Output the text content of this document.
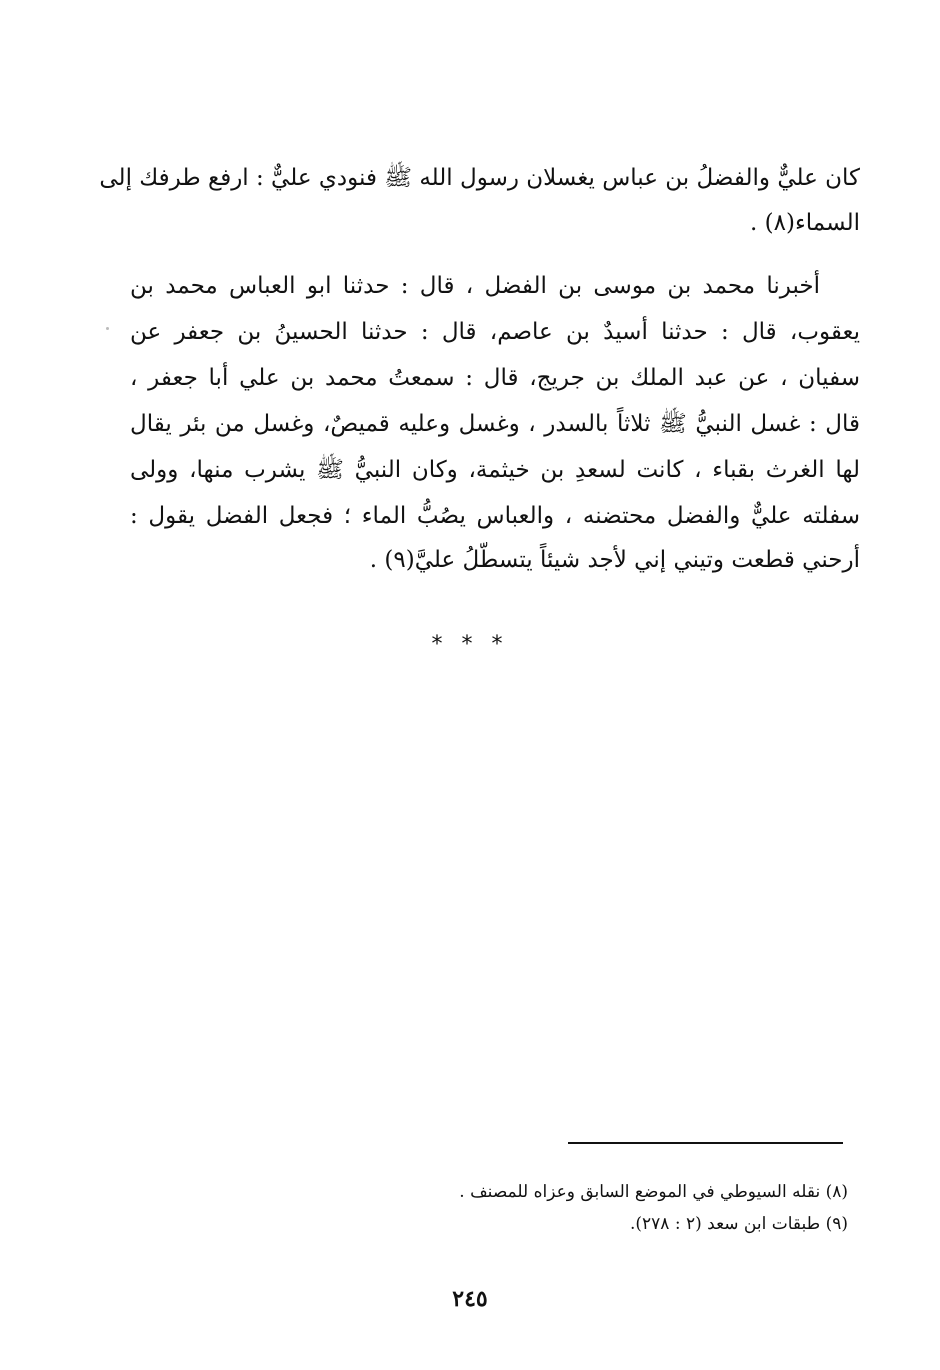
كان عليٌّ والفضلُ بن عباس يغسلان رسول الله ﷺ فنودي عليٌّ : ارفع طرفك إلى
السماء(٨) .
أخبرنا محمد بن موسى بن الفضل ، قال : حدثنا ابو العباس محمد بن
يعقوب، قال : حدثنا أسيدٌ بن عاصم، قال : حدثنا الحسينُ بن جعفر عن
سفيان ، عن عبد الملك بن جريج، قال : سمعتُ محمد بن علي أبا جعفر ،
قال : غسل النبيُّ ﷺ ثلاثاً بالسدر ، وغسل وعليه قميصٌ، وغسل من بئر يقال
لها الغرث بقباء ، كانت لسعدِ بن خيثمة، وكان النبيُّ ﷺ يشرب منها، وولى
سفلته عليٌّ والفضل محتضنه ، والعباس يصُبُّ الماء ؛ فجعل الفضل يقول :
أرحني قطعت وتيني إني لأجد شيئاً يتسطّلُ عليَّ(٩) .
* * *
(٨) نقله السيوطي في الموضع السابق وعزاه للمصنف .
(٩) طبقات ابن سعد (٢ : ٢٧٨).
٢٤٥
